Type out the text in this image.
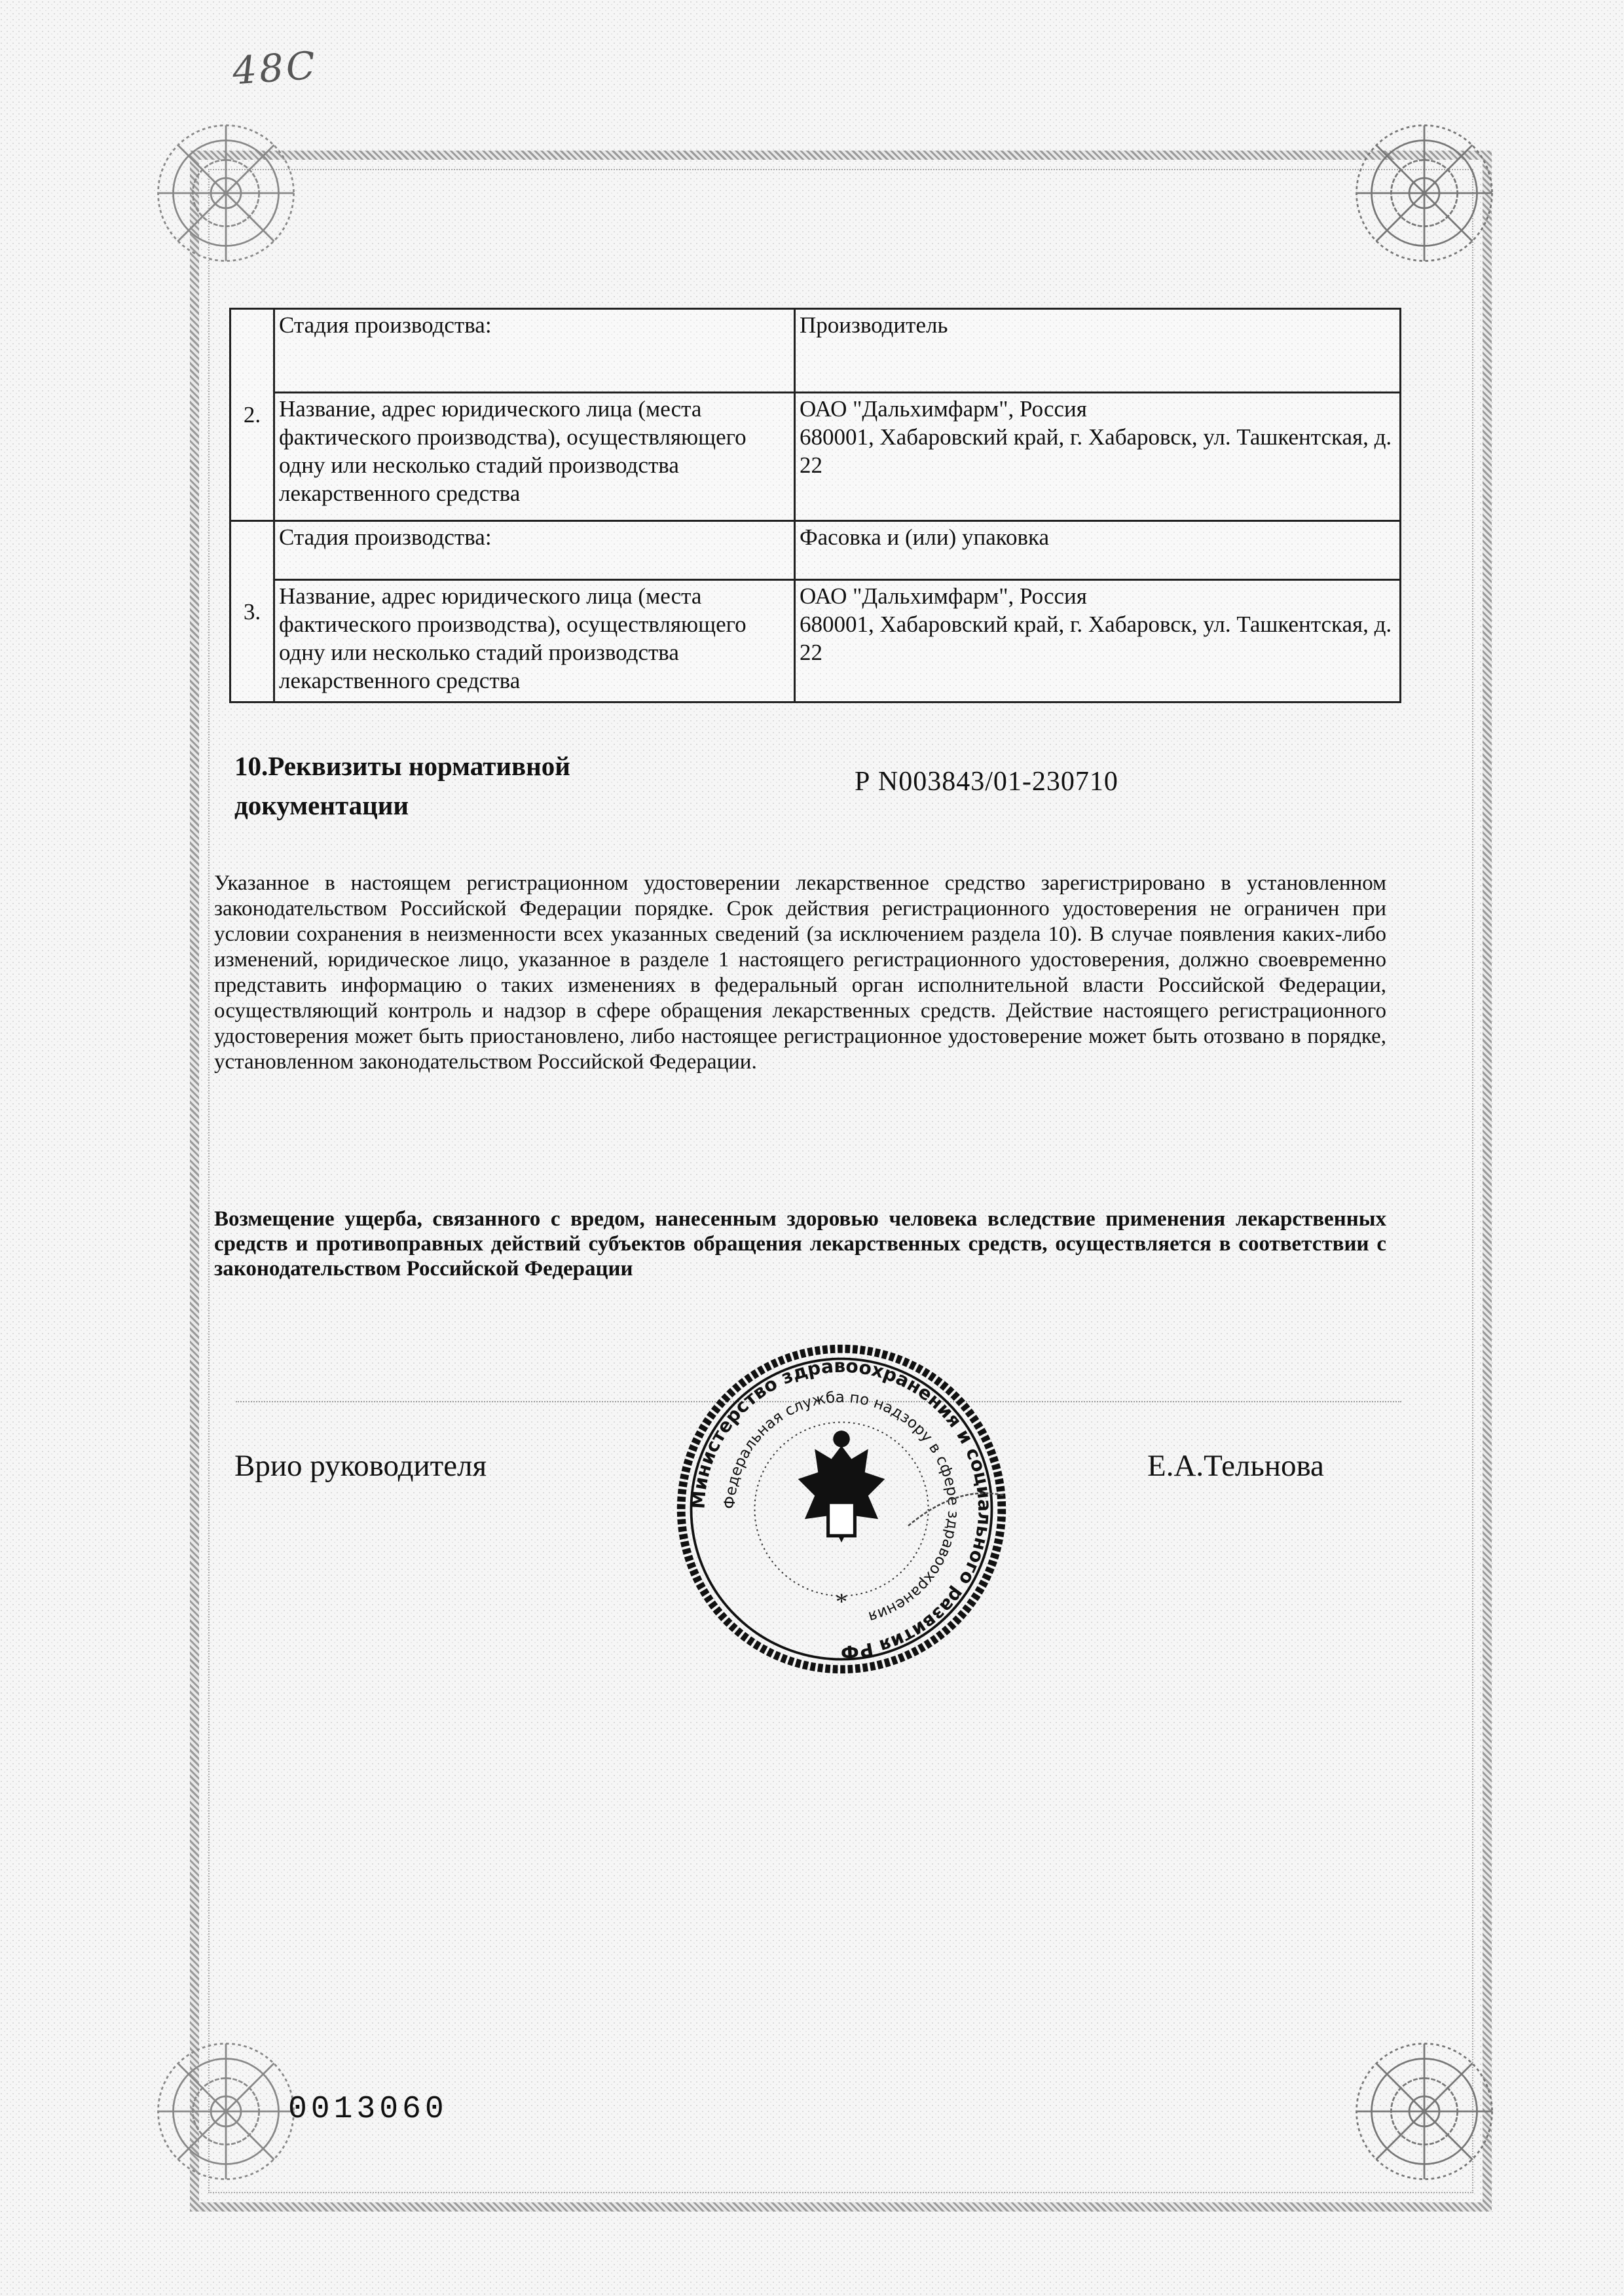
48С
2.	Стадия производства:	Производитель
	Название, адрес юридического лица (места фактического производства), осуществляющего одну или несколько стадий производства лекарственного средства	ОАО "Дальхимфарм", Россия
680001, Хабаровский край, г. Хабаровск, ул. Ташкентская, д. 22

3.	Стадия производства:	Фасовка и (или) упаковка
	Название, адрес юридического лица (места фактического производства), осуществляющего одну или несколько стадий производства лекарственного средства	ОАО "Дальхимфарм", Россия
680001, Хабаровский край, г. Хабаровск, ул. Ташкентская, д. 22
10.Реквизиты нормативной документации
Р N003843/01-230710
Указанное в настоящем регистрационном удостоверении лекарственное средство зарегистрировано в установленном законодательством Российской Федерации порядке. Срок действия регистрационного удостоверения не ограничен при условии сохранения в неизменности всех указанных сведений (за исключением раздела 10). В случае появления каких-либо изменений, юридическое лицо, указанное в разделе 1 настоящего регистрационного удостоверения, должно своевременно представить информацию о таких изменениях в федеральный орган исполнительной власти Российской Федерации, осуществляющий контроль и надзор в сфере обращения лекарственных средств. Действие настоящего регистрационного удостоверения может быть приостановлено, либо настоящее регистрационное удостоверение может быть отозвано в порядке, установленном законодательством Российской Федерации.
Возмещение ущерба, связанного с вредом, нанесенным здоровью человека вследствие применения лекарственных средств и противоправных действий субъектов обращения лекарственных средств, осуществляется в соответствии с законодательством Российской Федерации
Врио руководителя	Е.А.Тельнова
Министерство здравоохранения и социального развития РФ
Федеральная служба по надзору в сфере здравоохранения
*
0013060
